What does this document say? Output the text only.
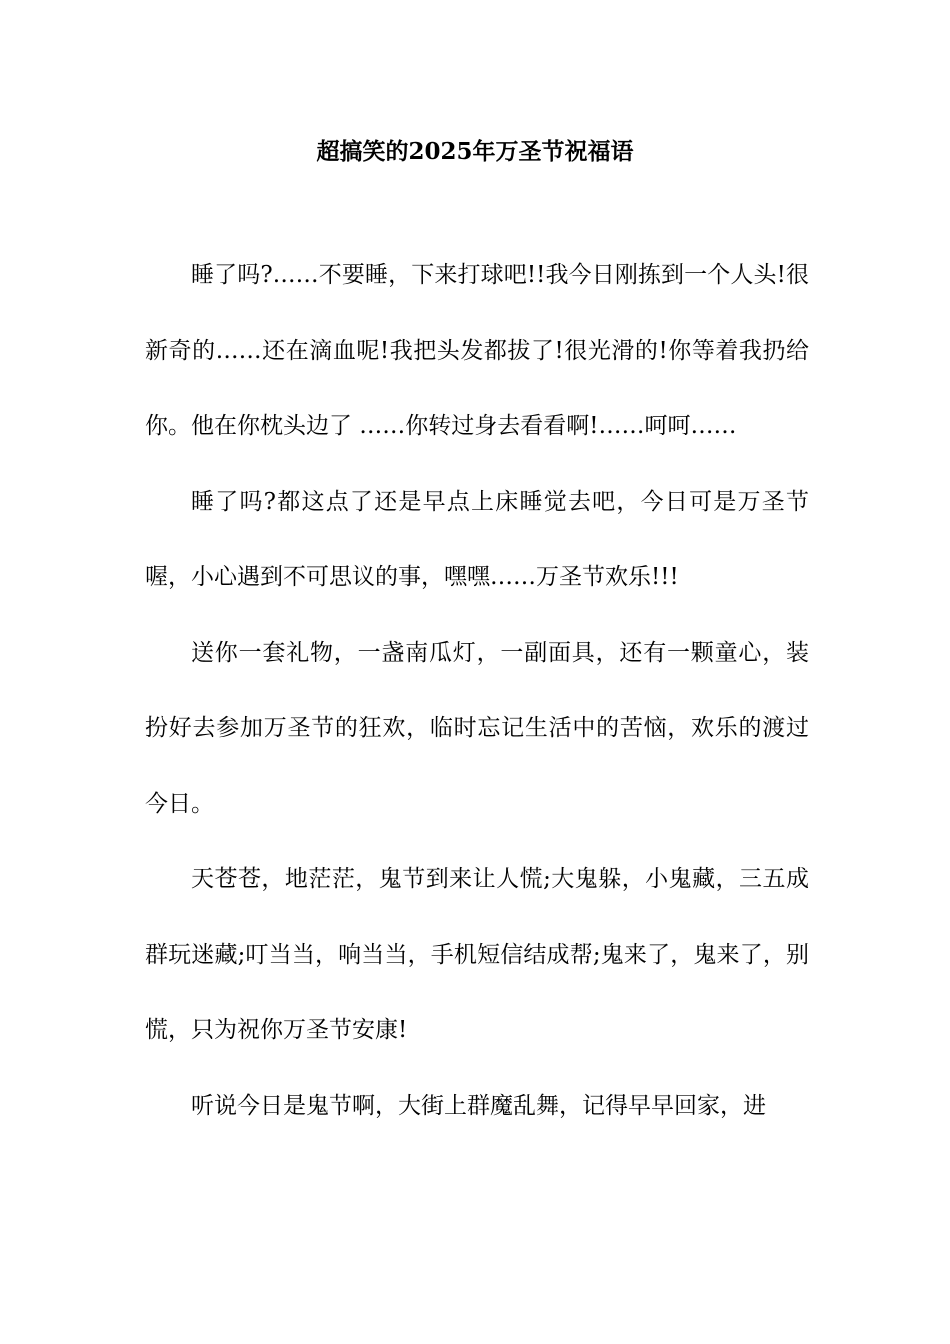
超搞笑的2025年万圣节祝福语

睡了吗?……不要睡，下来打球吧!!我今日刚拣到一个人头!很新奇的……还在滴血呢!我把头发都拔了!很光滑的!你等着我扔给你。他在你枕头边了 ……你转过身去看看啊!……呵呵……

睡了吗?都这点了还是早点上床睡觉去吧，今日可是万圣节喔，小心遇到不可思议的事，嘿嘿……万圣节欢乐!!!

送你一套礼物，一盏南瓜灯，一副面具，还有一颗童心，装扮好去参加万圣节的狂欢，临时忘记生活中的苦恼，欢乐的渡过今日。

天苍苍，地茫茫，鬼节到来让人慌;大鬼躲，小鬼藏，三五成群玩迷藏;叮当当，响当当，手机短信结成帮;鬼来了，鬼来了，别慌，只为祝你万圣节安康!

听说今日是鬼节啊，大街上群魔乱舞，记得早早回家，进
